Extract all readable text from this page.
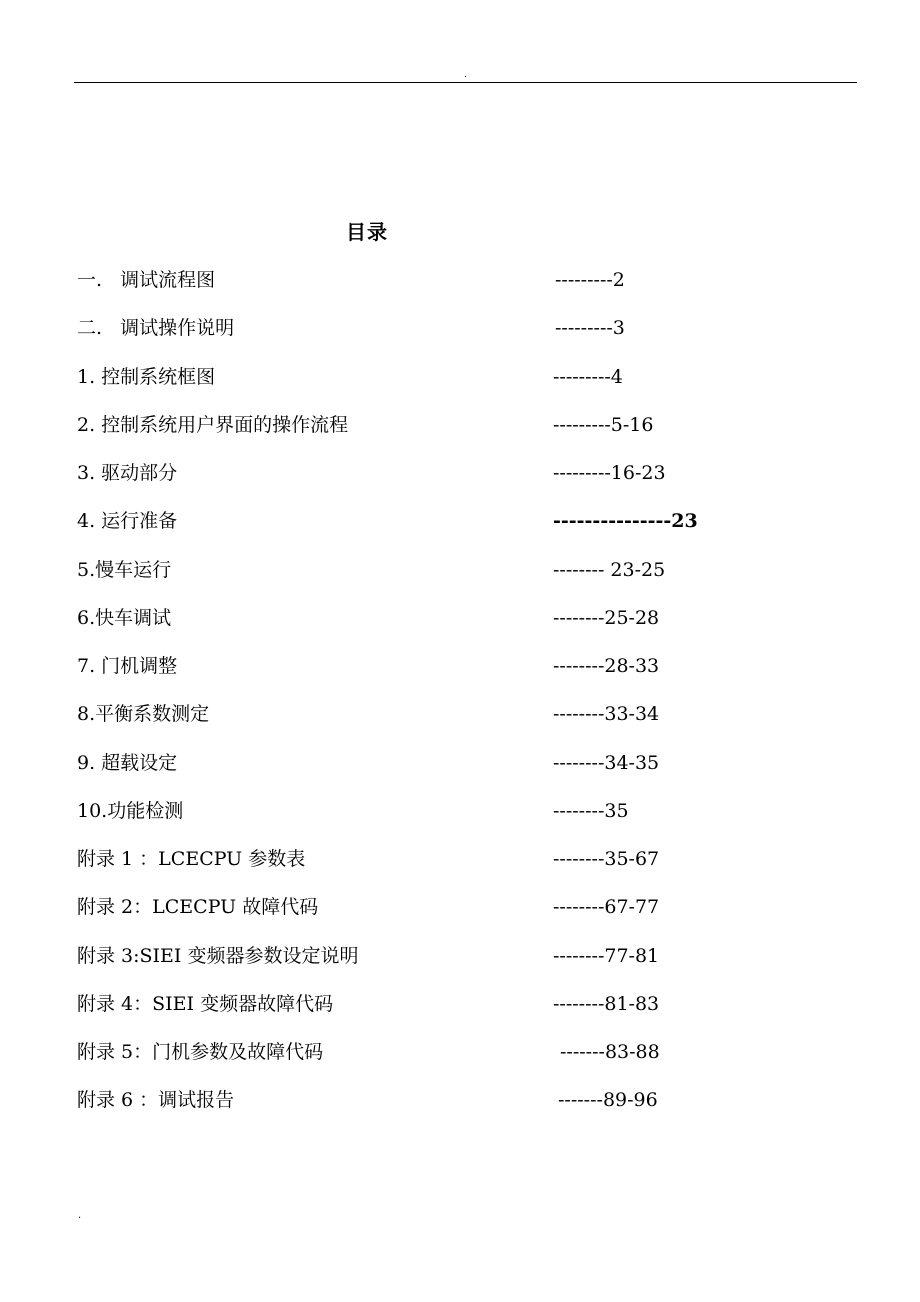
.
目录
一.   调试流程图	---------2
二.   调试操作说明	---------3
1. 控制系统框图	---------4
2. 控制系统用户界面的操作流程	---------5-16
3. 驱动部分	---------16-23
4. 运行准备	---------------23
5.慢车运行	-------- 23-25
6.快车调试	--------25-28
7. 门机调整	--------28-33
8.平衡系数测定	--------33-34
9. 超载设定	--------34-35
10.功能检测	--------35
附录 1 ：LCECPU 参数表	--------35-67
附录 2：LCECPU 故障代码	--------67-77
附录 3:SIEI 变频器参数设定说明	--------77-81
附录 4：SIEI 变频器故障代码	--------81-83
附录 5：门机参数及故障代码	-------83-88
附录 6 ：调试报告	-------89-96
.
